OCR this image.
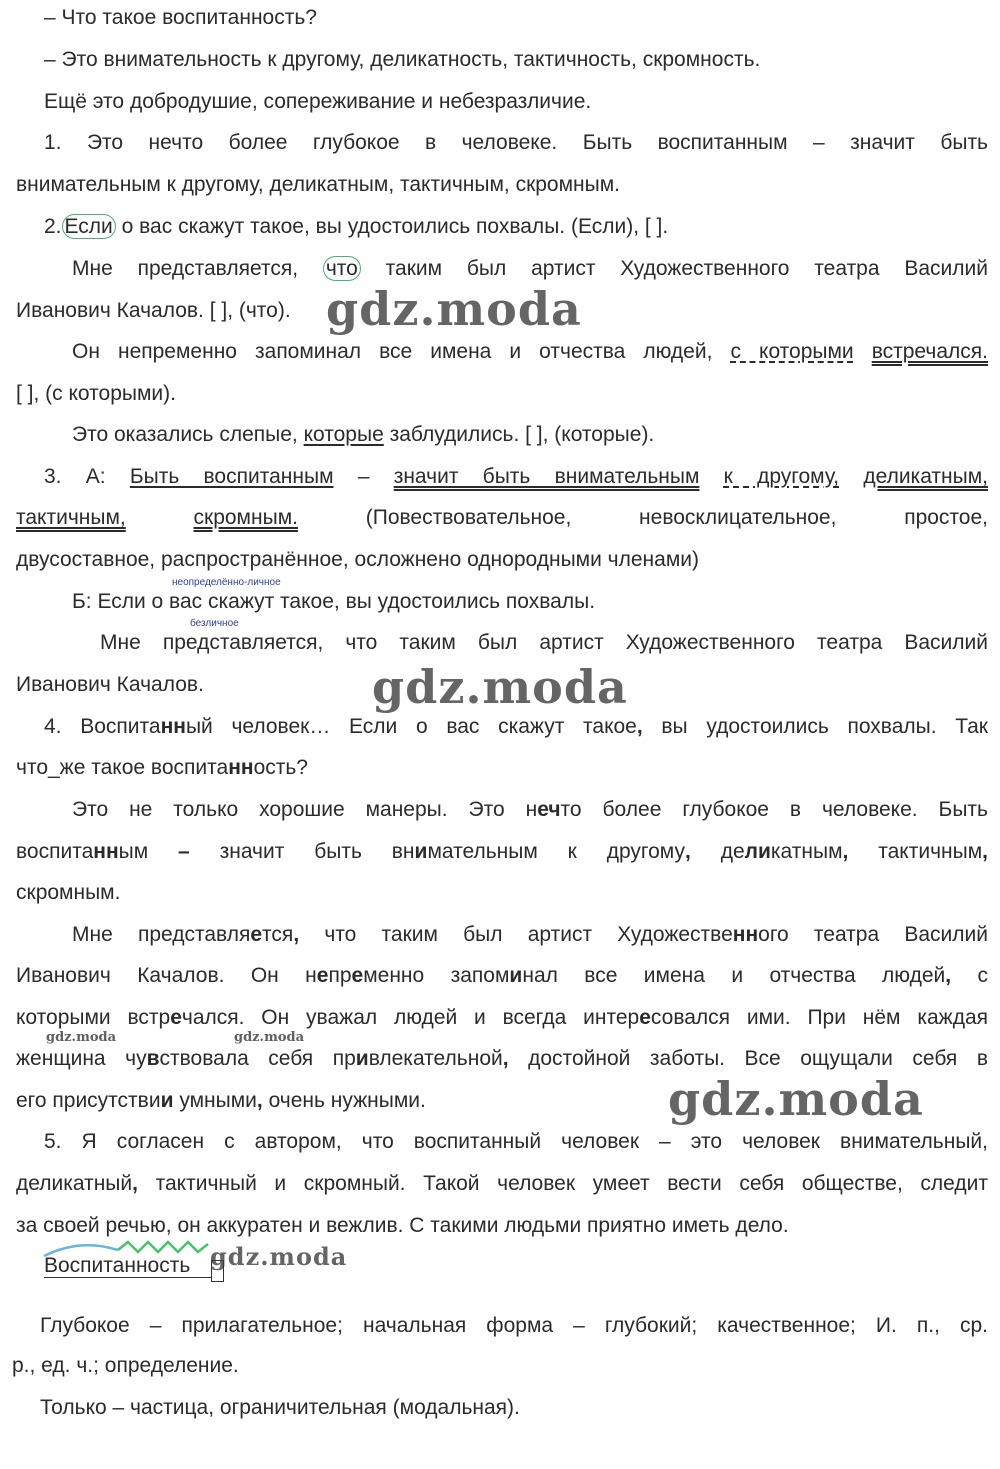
– Что такое воспитанность?
– Это внимательность к другому, деликатность, тактичность, скромность.
Ещё это добродушие, сопереживание и небезразличие.
1. Это нечто более глубокое в человеке. Быть воспитанным – значит быть
внимательным к другому, деликатным, тактичным, скромным.
2. Если о вас скажут такое, вы удостоились похвалы. (Если), [ ].
Мне представляется, что таким был артист Художественного театра Василий
Иванович Качалов. [ ], (что).
Он непременно запоминал все имена и отчества людей, с которыми встречался.
[ ], (с которыми).
Это оказались слепые, которые заблудились. [ ], (которые).
3. А: Быть воспитанным – значит быть внимательным к другому, деликатным,
тактичным,	скромным.	(Повествовательное, невосклицательное, простое,
двусоставное, распространённое, осложнено однородными членами)
неопределённо-личное
Б: Если о вас скажут такое, вы удостоились похвалы.
безличное
Мне представляется, что таким был артист Художественного театра Василий
Иванович Качалов.
4. Воспитанный человек… Если о вас скажут такое, вы удостоились похвалы. Так
что_же такое воспитанность?
Это не только хорошие манеры. Это нечто более глубокое в человеке. Быть
воспитанным – значит быть внимательным к другому, деликатным, тактичным,
скромным.
Мне представляется, что таким был артист Художественного театра Василий
Иванович Качалов. Он непременно запоминал все имена и отчества людей, с
которыми встречался. Он уважал людей и всегда интересовался ими. При нём каждая
женщина чувствовала себя привлекательной, достойной заботы. Все ощущали себя в
его присутствии умными, очень нужными.
5. Я согласен с автором, что воспитанный человек – это человек внимательный,
деликатный, тактичный и скромный. Такой человек умеет вести себя обществе, следит
за своей речью, он аккуратен и вежлив. С такими людьми приятно иметь дело.
Воспитанность
Глубокое – прилагательное; начальная форма – глубокий; качественное; И. п., ср.
р., ед. ч.; определение.
Только – частица, ограничительная (модальная).
gdz.moda
gdz.moda
gdz.moda
gdz.moda
gdz.moda	gdz.moda
